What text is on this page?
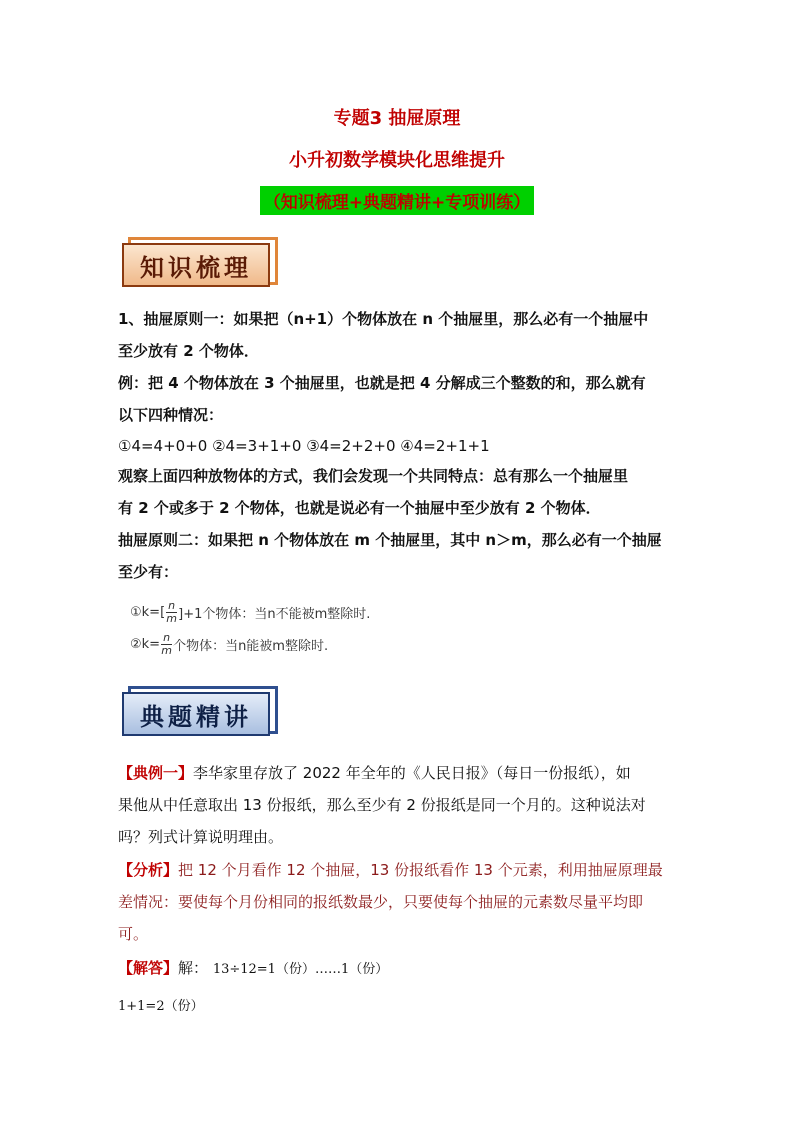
专题3 抽屉原理
小升初数学模块化思维提升
（知识梳理+典题精讲+专项训练）
知识梳理
1、抽屉原则一：如果把（n+1）个物体放在 n 个抽屉里，那么必有一个抽屉中
至少放有 2 个物体．
例：把 4 个物体放在 3 个抽屉里，也就是把 4 分解成三个整数的和，那么就有
以下四种情况：
①4=4+0+0 ②4=3+1+0 ③4=2+2+0 ④4=2+1+1
观察上面四种放物体的方式，我们会发现一个共同特点：总有那么一个抽屉里
有 2 个或多于 2 个物体，也就是说必有一个抽屉中至少放有 2 个物体．
抽屉原则二：如果把 n 个物体放在 m 个抽屉里，其中 n＞m，那么必有一个抽屉
至少有：
①k=[ $\frac{n}{m} ]+1$个物体：当n不能被m整除时.
②k= $\frac{n}{m}$ 个物体：当n能被m整除时.
典题精讲
【典例一】李华家里存放了 2022 年全年的《人民日报》（每日一份报纸），如
果他从中任意取出 13 份报纸，那么至少有 2 份报纸是同一个月的。这种说法对
吗？列式计算说明理由。
【分析】把 12 个月看作 12 个抽屉，13 份报纸看作 13 个元素，利用抽屉原理最
差情况：要使每个月份相同的报纸数最少，只要使每个抽屉的元素数尽量平均即
可。
【解答】解： 13÷12=1（份）……1（份）
1+1=2（份）
